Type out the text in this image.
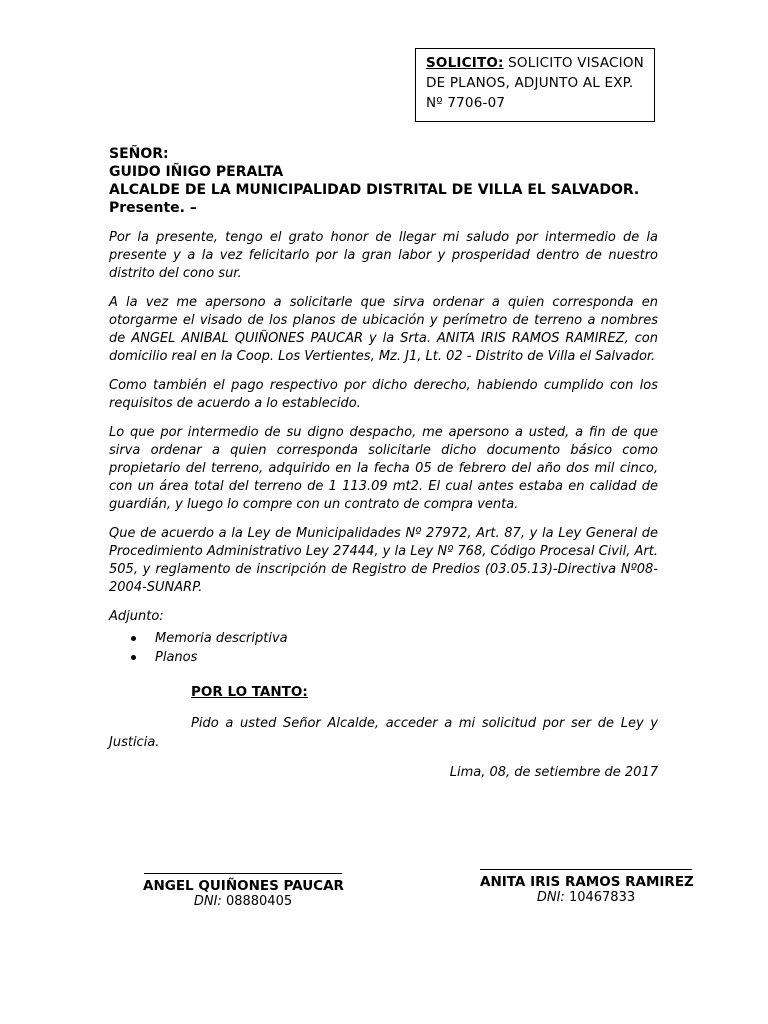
SOLICITO: SOLICITO VISACION
DE PLANOS, ADJUNTO AL EXP.
Nº 7706-07
SEÑOR:
GUIDO IÑIGO PERALTA
ALCALDE DE LA MUNICIPALIDAD DISTRITAL DE VILLA EL SALVADOR.
Presente. –

Por la presente, tengo el grato honor de llegar mi saludo por intermedio de la presente y a la vez felicitarlo por la gran labor y prosperidad dentro de nuestro distrito del cono sur.

A la vez me apersono a solicitarle que sirva ordenar a quien corresponda en otorgarme el visado de los planos de ubicación y perímetro de terreno a nombres de ANGEL ANIBAL QUIÑONES PAUCAR y la Srta. ANITA IRIS RAMOS RAMIREZ, con domicilio real en la Coop. Los Vertientes, Mz. J1, Lt. 02 - Distrito de Villa el Salvador.

Como también el pago respectivo por dicho derecho, habiendo cumplido con los requisitos de acuerdo a lo establecido.

Lo que por intermedio de su digno despacho, me apersono a usted, a fin de que sirva ordenar a quien corresponda solicitarle dicho documento básico como propietario del terreno, adquirido en la fecha 05 de febrero del año dos mil cinco, con un área total del terreno de 1 113.09 mt2. El cual antes estaba en calidad de guardián, y luego lo compre con un contrato de compra venta.

Que de acuerdo a la Ley de Municipalidades Nº 27972, Art. 87, y la Ley General de Procedimiento Administrativo Ley 27444, y la Ley Nº 768, Código Procesal Civil, Art. 505, y reglamento de inscripción de Registro de Predios (03.05.13)-Directiva Nº08-2004-SUNARP.

Adjunto:
Memoria descriptiva
Planos
POR LO TANTO:
Pido a usted Señor Alcalde, acceder a mi solicitud por ser de Ley y Justicia.
Lima, 08, de setiembre de 2017
ANGEL QUIÑONES PAUCAR
DNI: 08880405
ANITA IRIS RAMOS RAMIREZ
DNI: 10467833
